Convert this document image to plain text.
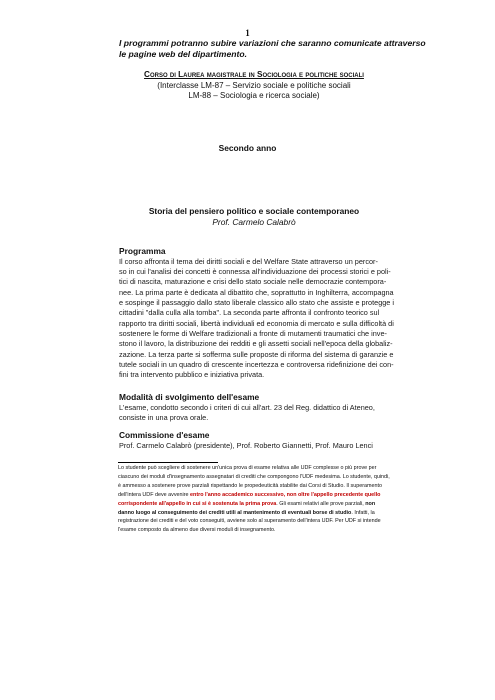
1
I programmi potranno subire variazioni che saranno comunicate attraverso
le pagine web del dipartimento.
Corso di Laurea magistrale in Sociologia e politiche sociali
(Interclasse LM-87 – Servizio sociale e politiche sociali
LM-88 – Sociologia e ricerca sociale)
Secondo anno
Storia del pensiero politico e sociale contemporaneo
Prof. Carmelo Calabrò
Programma
Il corso affronta il tema dei diritti sociali e del Welfare State attraverso un percor-
so in cui l'analisi dei concetti è connessa all'individuazione dei processi storici e poli-
tici di nascita, maturazione e crisi dello stato sociale nelle democrazie contempora-
nee. La prima parte è dedicata al dibattito che, soprattutto in Inghilterra, accompagna
e sospinge il passaggio dallo stato liberale classico allo stato che assiste e protegge i
cittadini "dalla culla alla tomba". La seconda parte affronta il confronto teorico sul
rapporto tra diritti sociali, libertà individuali ed economia di mercato e sulla difficoltà di
sostenere le forme di Welfare tradizionali a fronte di mutamenti traumatici che inve-
stono il lavoro, la distribuzione dei redditi e gli assetti sociali nell'epoca della globaliz-
zazione. La terza parte si sofferma sulle proposte di riforma del sistema di garanzie e
tutele sociali in un quadro di crescente incertezza e controversa ridefinizione dei con-
fini tra intervento pubblico e iniziativa privata.
Modalità di svolgimento dell'esame
L'esame, condotto secondo i criteri di cui all'art. 23 del Reg. didattico di Ateneo,
consiste in una prova orale.
Commissione d'esame
Prof. Carmelo Calabrò (presidente), Prof. Roberto Giannetti, Prof. Mauro Lenci
Lo studente può scegliere di sostenere un'unica prova di esame relativa alle UDF complesse o più prove per
ciascuno dei moduli d'insegnamento assegnatari di crediti che compongono l'UDF medesima. Lo studente, quindi,
è ammesso a sostenere prove parziali rispettando le propedeuticità stabilite dai Corsi di Studio. Il superamento
dell'intera UDF deve avvenire entro l'anno accademico successivo, non oltre l'appello precedente quello
corrispondente all'appello in cui si è sostenuta la prima prova. Gli esami relativi alle prove parziali, non
danno luogo al conseguimento dei crediti utili al mantenimento di eventuali borse di studio. Infatti, la
registrazione dei crediti e del voto conseguiti, avviene solo al superamento dell'intera UDF. Per UDF si intende
l'esame composto da almeno due diversi moduli di insegnamento.
